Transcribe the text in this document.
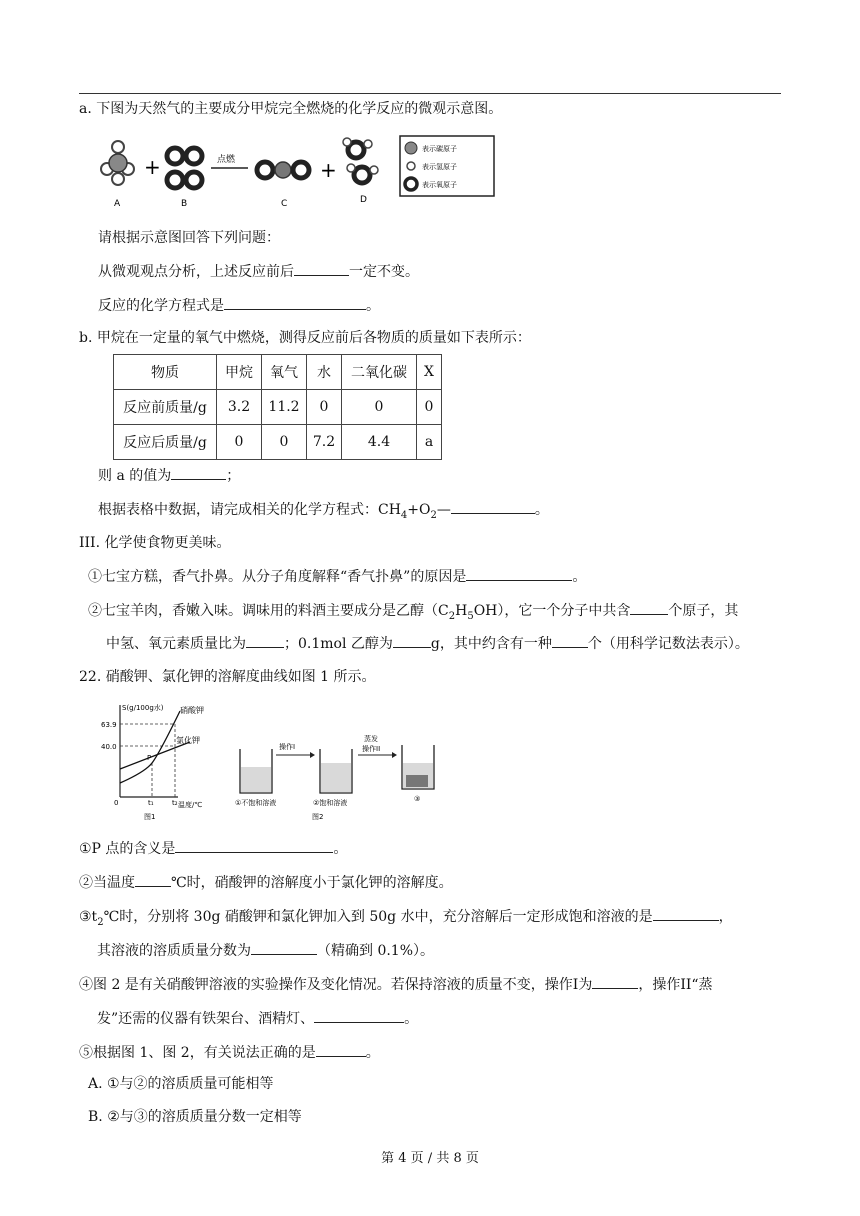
a. 下图为天然气的主要成分甲烷完全燃烧的化学反应的微观示意图。
A
+
B
点燃
C
+
D
表示碳原子
表示氢原子
表示氧原子
请根据示意图回答下列问题：
从微观观点分析，上述反应前后	一定不变。
反应的化学方程式是	。
b. 甲烷在一定量的氧气中燃烧，测得反应前后各物质的质量如下表所示：
物质	甲烷	氧气	水	二氧化碳	X
反应前质量/g	3.2	11.2	0	0	0
反应后质量/g	0	0	7.2	4.4	a
则 a 的值为	；
根据表格中数据，请完成相关的化学方程式：$CH_4+O_2—$	。
III. 化学使食物更美味。
①七宝方糕，香气扑鼻。从分子角度解释“香气扑鼻”的原因是	。
②七宝羊肉，香嫩入味。调味用的料酒主要成分是乙醇$(C_2H_5OH)$，它一个分子中共含	个原子，其
中氢、氧元素质量比为	；0.1mol 乙醇为	g，其中约含有一种	个（用科学记数法表示）。
22. 硝酸钾、氯化钾的溶解度曲线如图 1 所示。
S(g/100g水)
63.9
40.0
硝酸钾
氯化钾
P
0	t₁	t₂ 温度/℃
图1
①不饱和溶液
操作I
②饱和溶液
蒸发
操作II
③
图2
①P 点的含义是	。
②当温度	℃时，硝酸钾的溶解度小于氯化钾的溶解度。
$③t_2℃$时，分别将 30g 硝酸钾和氯化钾加入到 50g 水中，充分溶解后一定形成饱和溶液的是	，
其溶液的溶质质量分数为	（精确到 0.1%）。
④图 2 是有关硝酸钾溶液的实验操作及变化情况。若保持溶液的质量不变，操作I为	，操作II“蒸
发”还需的仪器有铁架台、酒精灯、	。
⑤根据图 1、图 2，有关说法正确的是	。
A. ①与②的溶质质量可能相等
B. ②与③的溶质质量分数一定相等
第 4 页 / 共 8 页
